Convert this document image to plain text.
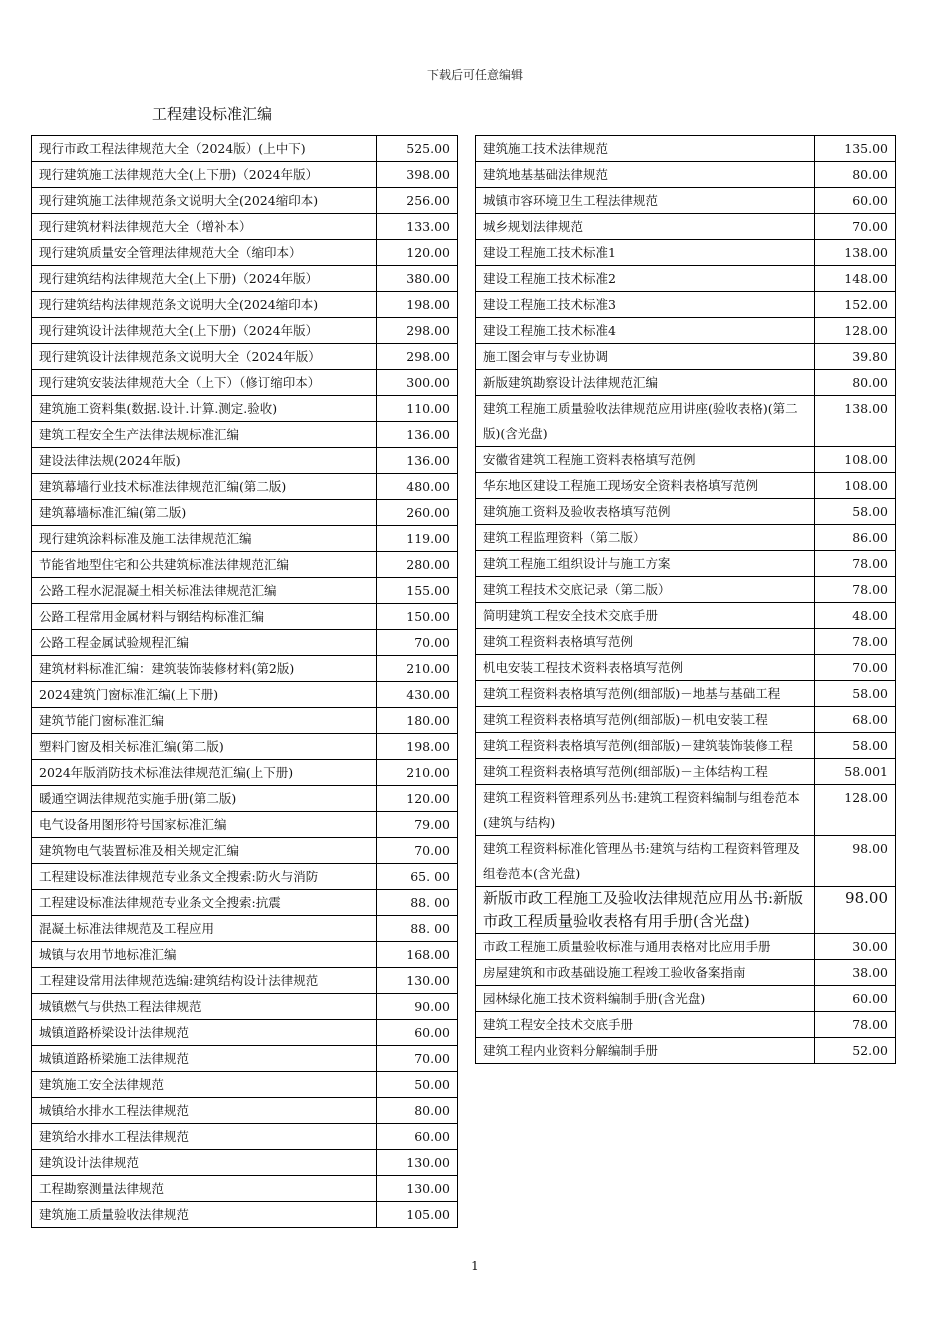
下载后可任意编辑
工程建设标准汇编
现行市政工程法律规范大全（2024版）(上中下)	525.00
现行建筑施工法律规范大全(上下册)（2024年版）	398.00
现行建筑施工法律规范条文说明大全(2024缩印本)	256.00
现行建筑材料法律规范大全（增补本）	133.00
现行建筑质量安全管理法律规范大全（缩印本）	120.00
现行建筑结构法律规范大全(上下册)（2024年版）	380.00
现行建筑结构法律规范条文说明大全(2024缩印本)	198.00
现行建筑设计法律规范大全(上下册)（2024年版）	298.00
现行建筑设计法律规范条文说明大全（2024年版）	298.00
现行建筑安装法律规范大全（上下）（修订缩印本）	300.00
建筑施工资料集(数据.设计.计算.测定.验收)	110.00
建筑工程安全生产法律法规标准汇编	136.00
建设法律法规(2024年版)	136.00
建筑幕墙行业技术标准法律规范汇编(第二版)	480.00
建筑幕墙标准汇编(第二版)	260.00
现行建筑涂料标准及施工法律规范汇编	119.00
节能省地型住宅和公共建筑标准法律规范汇编	280.00
公路工程水泥混凝土相关标准法律规范汇编	155.00
公路工程常用金属材料与钢结构标准汇编	150.00
公路工程金属试验规程汇编	70.00
建筑材料标准汇编：建筑装饰装修材料(第2版)	210.00
2024建筑门窗标准汇编(上下册)	430.00
建筑节能门窗标准汇编	180.00
塑料门窗及相关标准汇编(第二版)	198.00
2024年版消防技术标准法律规范汇编(上下册)	210.00
暖通空调法律规范实施手册(第二版)	120.00
电气设备用图形符号国家标准汇编	79.00
建筑物电气装置标准及相关规定汇编	70.00
工程建设标准法律规范专业条文全搜索:防火与消防	65. 00
工程建设标准法律规范专业条文全搜索:抗震	88. 00
混凝土标准法律规范及工程应用	88. 00
城镇与农用节地标准汇编	168.00
工程建设常用法律规范选编:建筑结构设计法律规范	130.00
城镇燃气与供热工程法律规范	90.00
城镇道路桥梁设计法律规范	60.00
城镇道路桥梁施工法律规范	70.00
建筑施工安全法律规范	50.00
城镇给水排水工程法律规范	80.00
建筑给水排水工程法律规范	60.00
建筑设计法律规范	130.00
工程勘察测量法律规范	130.00
建筑施工质量验收法律规范	105.00
建筑施工技术法律规范	135.00
建筑地基基础法律规范	80.00
城镇市容环境卫生工程法律规范	60.00
城乡规划法律规范	70.00
建设工程施工技术标准1	138.00
建设工程施工技术标准2	148.00
建设工程施工技术标准3	152.00
建设工程施工技术标准4	128.00
施工图会审与专业协调	39.80
新版建筑勘察设计法律规范汇编	80.00
建筑工程施工质量验收法律规范应用讲座(验收表格)(第二版)(含光盘)	138.00
安徽省建筑工程施工资料表格填写范例	108.00
华东地区建设工程施工现场安全资料表格填写范例	108.00
建筑施工资料及验收表格填写范例	58.00
建筑工程监理资料（第二版）	86.00
建筑工程施工组织设计与施工方案	78.00
建筑工程技术交底记录（第二版）	78.00
简明建筑工程安全技术交底手册	48.00
建筑工程资料表格填写范例	78.00
机电安装工程技术资料表格填写范例	70.00
建筑工程资料表格填写范例(细部版)－地基与基础工程	58.00
建筑工程资料表格填写范例(细部版)－机电安装工程	68.00
建筑工程资料表格填写范例(细部版)－建筑装饰装修工程	58.00
建筑工程资料表格填写范例(细部版)－主体结构工程	58.001
建筑工程资料管理系列丛书:建筑工程资料编制与组卷范本(建筑与结构)	128.00
建筑工程资料标准化管理丛书:建筑与结构工程资料管理及组卷范本(含光盘)	98.00
新版市政工程施工及验收法律规范应用丛书:新版市政工程质量验收表格有用手册(含光盘)	98.00
市政工程施工质量验收标准与通用表格对比应用手册	30.00
房屋建筑和市政基础设施工程竣工验收备案指南	38.00
园林绿化施工技术资料编制手册(含光盘)	60.00
建筑工程安全技术交底手册	78.00
建筑工程内业资料分解编制手册	52.00
1
